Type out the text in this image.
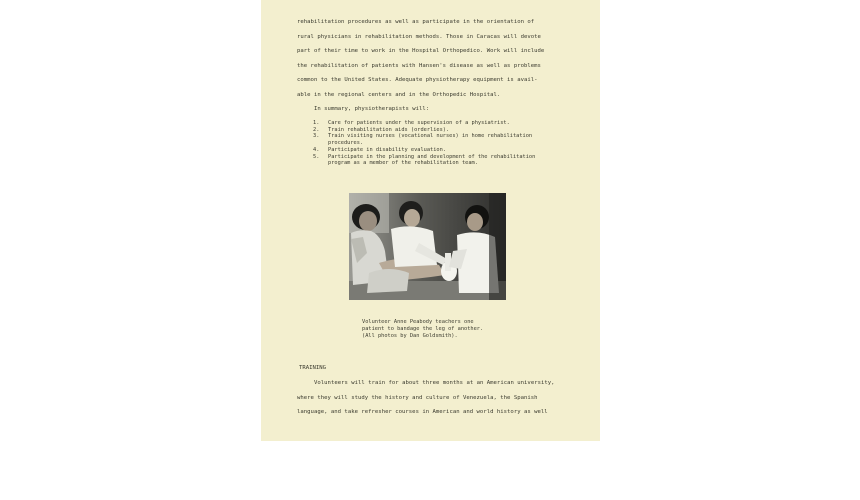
rehabilitation procedures as well as participate in the orientation of
rural physicians in rehabilitation methods. Those in Caracas will devote
part of their time to work in the Hospital Orthopedico. Work will include
the rehabilitation of patients with Hansen's disease as well as problems
common to the United States. Adequate physiotherapy equipment is avail-
able in the regional centers and in the Orthopedic Hospital.
In summary, physiotherapists will:
1. Care for patients under the supervision of a physiatrist.
2. Train rehabilitation aids (orderlies).
3. Train visiting nurses (vocational nurses) in home rehabilitation
procedures.
4. Participate in disability evaluation.
5. Participate in the planning and development of the rehabilitation
program as a member of the rehabilitation team.
Volunteer Anne Peabody teachers one
patient to bandage the leg of another.
(All photos by Dan Goldsmith).
TRAINING
Volunteers will train for about three months at an American university,
where they will study the history and culture of Venezuela, the Spanish
language, and take refresher courses in American and world history as well
